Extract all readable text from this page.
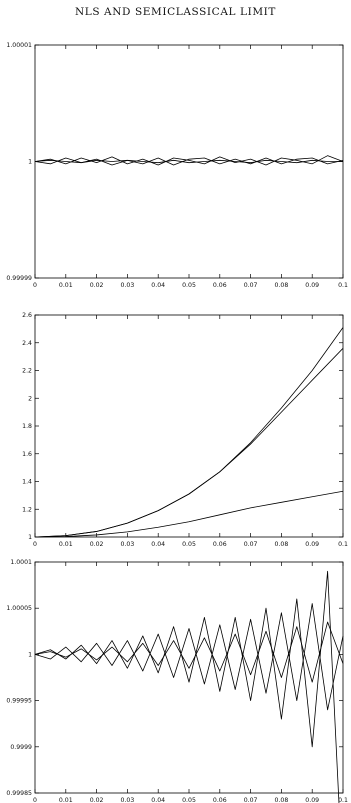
NLS AND SEMICLASSICAL LIMIT
0	0.01	0.02	0.03	0.04	0.05	0.06	0.07	0.08	0.09	0.1
0.99999
1
1.00001
0	0.01	0.02	0.03	0.04	0.05	0.06	0.07	0.08	0.09	0.1
1
1.2
1.4
1.6
1.8
2
2.2
2.4
2.6
0	0.01	0.02	0.03	0.04	0.05	0.06	0.07	0.08	0.09	0.1
0.99985
0.9999
0.99995
1
1.00005
1.0001
